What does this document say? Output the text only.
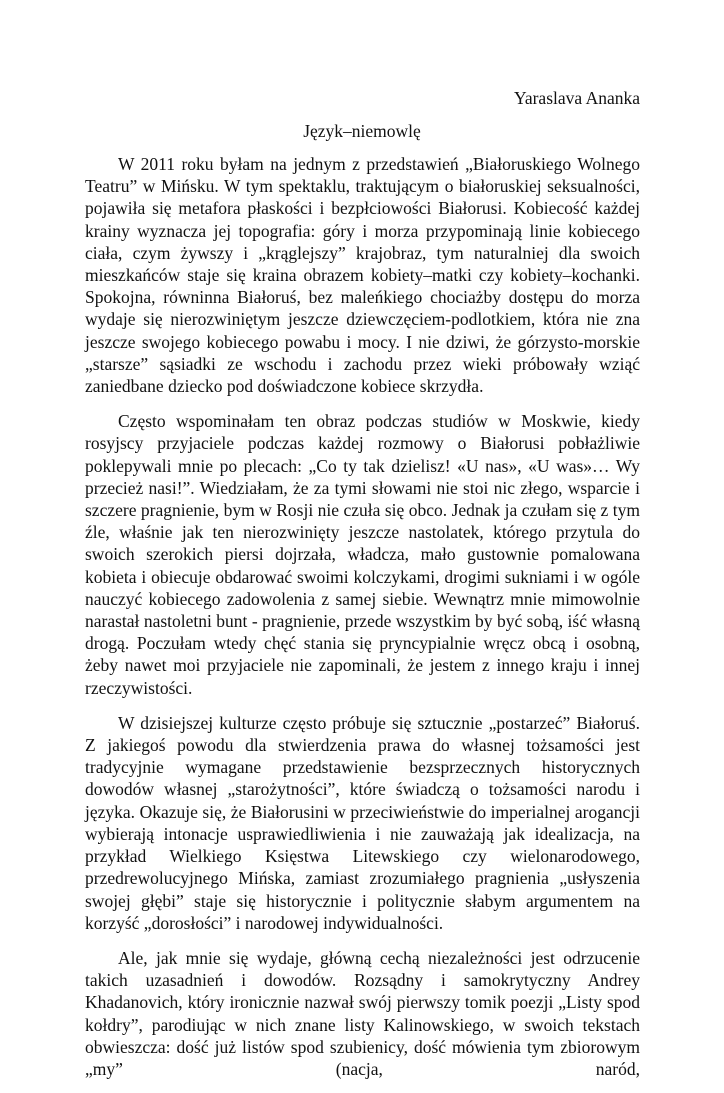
Yaraslava Ananka
Język–niemowlę

W 2011 roku byłam na jednym z przedstawień „Białoruskiego Wolnego Teatru” w Mińsku. W tym spektaklu, traktującym o białoruskiej seksualności, pojawiła się metafora płaskości i bezpłciowości Białorusi. Kobiecość każdej krainy wyznacza jej topografia: góry i morza przypominają linie kobiecego ciała, czym żywszy i „krąglejszy” krajobraz, tym naturalniej dla swoich mieszkańców staje się kraina obrazem kobiety–matki czy kobiety–kochanki. Spokojna, równinna Białoruś, bez maleńkiego chociażby dostępu do morza wydaje się nierozwiniętym jeszcze dziewczęciem-podlotkiem, która nie zna jeszcze swojego kobiecego powabu i mocy. I nie dziwi, że górzysto-morskie „starsze” sąsiadki ze wschodu i zachodu przez wieki próbowały wziąć zaniedbane dziecko pod doświadczone kobiece skrzydła.

Często wspominałam ten obraz podczas studiów w Moskwie, kiedy rosyjscy przyjaciele podczas każdej rozmowy o Białorusi pobłażliwie poklepywali mnie po plecach: „Co ty tak dzielisz! «U nas», «U was»… Wy przecież nasi!”. Wiedziałam, że za tymi słowami nie stoi nic złego, wsparcie i szczere pragnienie, bym w Rosji nie czuła się obco. Jednak ja czułam się z tym źle, właśnie jak ten nierozwinięty jeszcze nastolatek, którego przytula do swoich szerokich piersi dojrzała, władcza, mało gustownie pomalowana kobieta i obiecuje obdarować swoimi kolczykami, drogimi sukniami i w ogóle nauczyć kobiecego zadowolenia z samej siebie. Wewnątrz mnie mimowolnie narastał nastoletni bunt - pragnienie, przede wszystkim by być sobą, iść własną drogą. Poczułam wtedy chęć stania się pryncypialnie wręcz obcą i osobną, żeby nawet moi przyjaciele nie zapominali, że jestem z innego kraju i innej rzeczywistości.

W dzisiejszej kulturze często próbuje się sztucznie „postarzeć” Białoruś. Z jakiegoś powodu dla stwierdzenia prawa do własnej tożsamości jest tradycyjnie wymagane przedstawienie bezsprzecznych historycznych dowodów własnej „starożytności”, które świadczą o tożsamości narodu i języka. Okazuje się, że Białorusini w przeciwieństwie do imperialnej arogancji wybierają intonacje usprawiedliwienia i nie zauważają jak idealizacja, na przykład Wielkiego Księstwa Litewskiego czy wielonarodowego, przedrewolucyjnego Mińska, zamiast zrozumiałego pragnienia „usłyszenia swojej głębi” staje się historycznie i politycznie słabym argumentem na korzyść „dorosłości” i narodowej indywidualności.

Ale, jak mnie się wydaje, główną cechą niezależności jest odrzucenie takich uzasadnień i dowodów. Rozsądny i samokrytyczny Andrey Khadanovich, który ironicznie nazwał swój pierwszy tomik poezji „Listy spod kołdry”, parodiując w nich znane listy Kalinowskiego, w swoich tekstach obwieszcza: dość już listów spod szubienicy, dość mówienia tym zbiorowym „my” (nacja, naród,
